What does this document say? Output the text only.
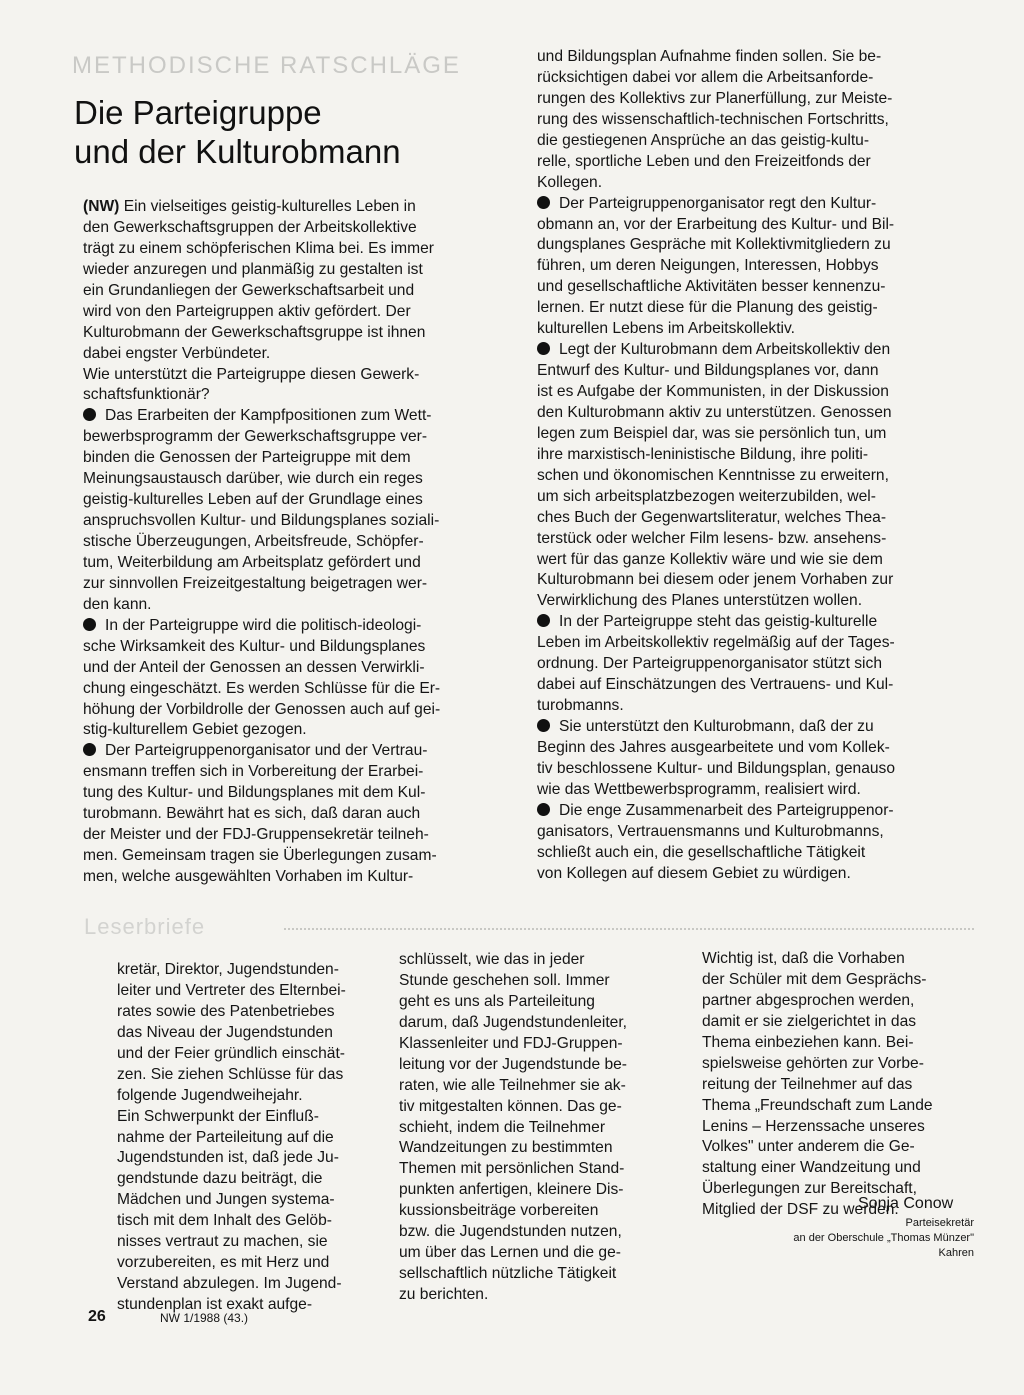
METHODISCHE RATSCHLÄGE
Die Parteigruppe
und der Kulturobmann
(NW) Ein vielseitiges geistig-kulturelles Leben in
den Gewerkschaftsgruppen der Arbeitskollektive
trägt zu einem schöpferischen Klima bei. Es immer
wieder anzuregen und planmäßig zu gestalten ist
ein Grundanliegen der Gewerkschaftsarbeit und
wird von den Parteigruppen aktiv gefördert. Der
Kulturobmann der Gewerkschaftsgruppe ist ihnen
dabei engster Verbündeter.
Wie unterstützt die Parteigruppe diesen Gewerk-
schaftsfunktionär?
Das Erarbeiten der Kampfpositionen zum Wett-
bewerbsprogramm der Gewerkschaftsgruppe ver-
binden die Genossen der Parteigruppe mit dem
Meinungsaustausch darüber, wie durch ein reges
geistig-kulturelles Leben auf der Grundlage eines
anspruchsvollen Kultur- und Bildungsplanes soziali-
stische Überzeugungen, Arbeitsfreude, Schöpfer-
tum, Weiterbildung am Arbeitsplatz gefördert und
zur sinnvollen Freizeitgestaltung beigetragen wer-
den kann.
In der Parteigruppe wird die politisch-ideologi-
sche Wirksamkeit des Kultur- und Bildungsplanes
und der Anteil der Genossen an dessen Verwirkli-
chung eingeschätzt. Es werden Schlüsse für die Er-
höhung der Vorbildrolle der Genossen auch auf gei-
stig-kulturellem Gebiet gezogen.
Der Parteigruppenorganisator und der Vertrau-
ensmann treffen sich in Vorbereitung der Erarbei-
tung des Kultur- und Bildungsplanes mit dem Kul-
turobmann. Bewährt hat es sich, daß daran auch
der Meister und der FDJ-Gruppensekretär teilneh-
men. Gemeinsam tragen sie Überlegungen zusam-
men, welche ausgewählten Vorhaben im Kultur-
und Bildungsplan Aufnahme finden sollen. Sie be-
rücksichtigen dabei vor allem die Arbeitsanforde-
rungen des Kollektivs zur Planerfüllung, zur Meiste-
rung des wissenschaftlich-technischen Fortschritts,
die gestiegenen Ansprüche an das geistig-kultu-
relle, sportliche Leben und den Freizeitfonds der
Kollegen.
Der Parteigruppenorganisator regt den Kultur-
obmann an, vor der Erarbeitung des Kultur- und Bil-
dungsplanes Gespräche mit Kollektivmitgliedern zu
führen, um deren Neigungen, Interessen, Hobbys
und gesellschaftliche Aktivitäten besser kennenzu-
lernen. Er nutzt diese für die Planung des geistig-
kulturellen Lebens im Arbeitskollektiv.
Legt der Kulturobmann dem Arbeitskollektiv den
Entwurf des Kultur- und Bildungsplanes vor, dann
ist es Aufgabe der Kommunisten, in der Diskussion
den Kulturobmann aktiv zu unterstützen. Genossen
legen zum Beispiel dar, was sie persönlich tun, um
ihre marxistisch-leninistische Bildung, ihre politi-
schen und ökonomischen Kenntnisse zu erweitern,
um sich arbeitsplatzbezogen weiterzubilden, wel-
ches Buch der Gegenwartsliteratur, welches Thea-
terstück oder welcher Film lesens- bzw. ansehens-
wert für das ganze Kollektiv wäre und wie sie dem
Kulturobmann bei diesem oder jenem Vorhaben zur
Verwirklichung des Planes unterstützen wollen.
In der Parteigruppe steht das geistig-kulturelle
Leben im Arbeitskollektiv regelmäßig auf der Tages-
ordnung. Der Parteigruppenorganisator stützt sich
dabei auf Einschätzungen des Vertrauens- und Kul-
turobmanns.
Sie unterstützt den Kulturobmann, daß der zu
Beginn des Jahres ausgearbeitete und vom Kollek-
tiv beschlossene Kultur- und Bildungsplan, genauso
wie das Wettbewerbsprogramm, realisiert wird.
Die enge Zusammenarbeit des Parteigruppenor-
ganisators, Vertrauensmanns und Kulturobmanns,
schließt auch ein, die gesellschaftliche Tätigkeit
von Kollegen auf diesem Gebiet zu würdigen.
Leserbriefe
kretär, Direktor, Jugendstunden-
leiter und Vertreter des Elternbei-
rates sowie des Patenbetriebes
das Niveau der Jugendstunden
und der Feier gründlich einschät-
zen. Sie ziehen Schlüsse für das
folgende Jugendweihejahr.
Ein Schwerpunkt der Einfluß-
nahme der Parteileitung auf die
Jugendstunden ist, daß jede Ju-
gendstunde dazu beiträgt, die
Mädchen und Jungen systema-
tisch mit dem Inhalt des Gelöb-
nisses vertraut zu machen, sie
vorzubereiten, es mit Herz und
Verstand abzulegen. Im Jugend-
stundenplan ist exakt aufge-
schlüsselt, wie das in jeder
Stunde geschehen soll. Immer
geht es uns als Parteileitung
darum, daß Jugendstundenleiter,
Klassenleiter und FDJ-Gruppen-
leitung vor der Jugendstunde be-
raten, wie alle Teilnehmer sie ak-
tiv mitgestalten können. Das ge-
schieht, indem die Teilnehmer
Wandzeitungen zu bestimmten
Themen mit persönlichen Stand-
punkten anfertigen, kleinere Dis-
kussionsbeiträge vorbereiten
bzw. die Jugendstunden nutzen,
um über das Lernen und die ge-
sellschaftlich nützliche Tätigkeit
zu berichten.
Wichtig ist, daß die Vorhaben
der Schüler mit dem Gesprächs-
partner abgesprochen werden,
damit er sie zielgerichtet in das
Thema einbeziehen kann. Bei-
spielsweise gehörten zur Vorbe-
reitung der Teilnehmer auf das
Thema „Freundschaft zum Lande
Lenins – Herzenssache unseres
Volkes" unter anderem die Ge-
staltung einer Wandzeitung und
Überlegungen zur Bereitschaft,
Mitglied der DSF zu werden.
Sonja Conow
Parteisekretär
an der Oberschule „Thomas Münzer"
Kahren
26	NW 1/1988 (43.)
